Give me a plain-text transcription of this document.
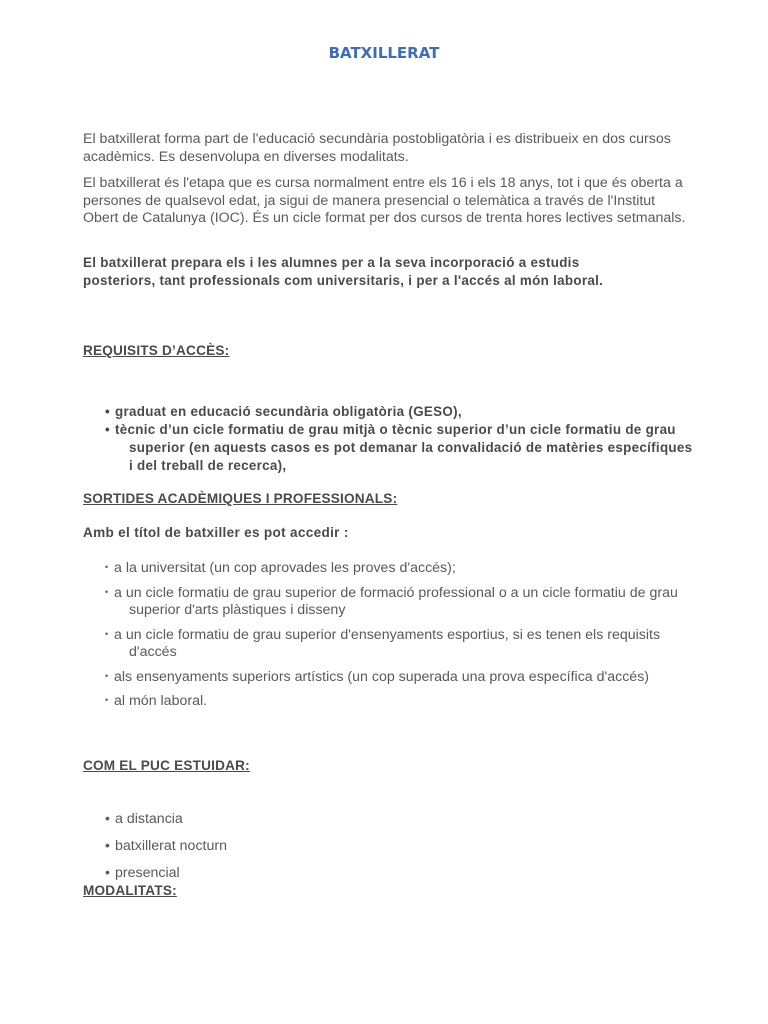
BATXILLERAT
El batxillerat forma part de l'educació secundària postobligatòria i es distribueix en dos cursos acadèmics. Es desenvolupa en diverses modalitats.
El batxillerat és l'etapa que es cursa normalment entre els 16 i els 18 anys, tot i que és oberta a persones de qualsevol edat, ja sigui de manera presencial o telemàtica a través de l'Institut Obert de Catalunya (IOC). És un cicle format per dos cursos de trenta hores lectives setmanals.
El batxillerat prepara els i les alumnes per a la seva incorporació a estudis posteriors, tant professionals com universitaris, i per a l'accés al món laboral.
REQUISITS D’ACCÈS:
• graduat en educació secundària obligatòria (GESO),
• tècnic d’un cicle formatiu de grau mitjà o tècnic superior d’un cicle formatiu de grau superior (en aquests casos es pot demanar la convalidació de matèries específiques i del treball de recerca),
SORTIDES ACADÈMIQUES I PROFESSIONALS:
Amb el títol de batxiller es pot accedir :
• a la universitat (un cop aprovades les proves d'accés);
• a un cicle formatiu de grau superior de formació professional o a un cicle formatiu de grau superior d'arts plàstiques i disseny
• a un cicle formatiu de grau superior d'ensenyaments esportius, si es tenen els requisits d'accés
• als ensenyaments superiors artístics (un cop superada una prova específica d'accés)
• al món laboral.
COM EL PUC ESTUIDAR:
• a distancia
• batxillerat nocturn
• presencial
MODALITATS:
